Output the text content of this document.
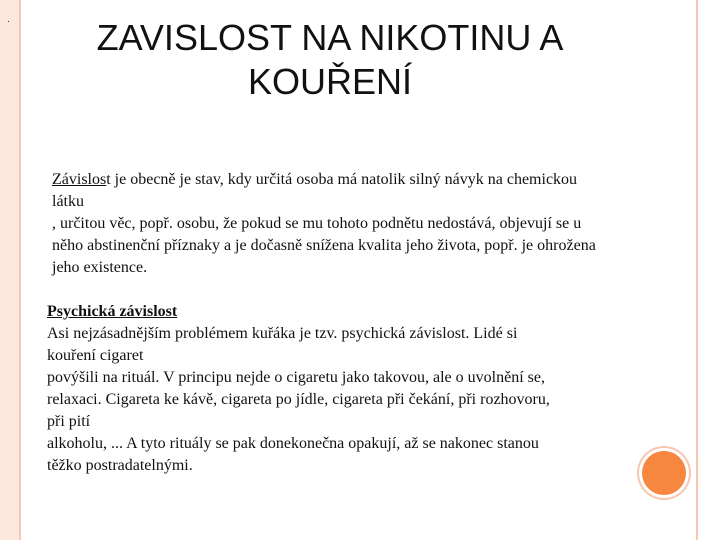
.	ZAVISLOST NA NIKOTINU A
KOUŘENÍ

Závislost je obecně je stav, kdy určitá osoba má natolik silný návyk na chemickou
látku
, určitou věc, popř. osobu, že pokud se mu tohoto podnětu nedostává, objevují se u
něho abstinenční příznaky a je dočasně snížena kvalita jeho života, popř. je ohrožena
jeho existence.

Psychická závislost
Asi nejzásadnějším problémem kuřáka je tzv. psychická závislost. Lidé si
kouření cigaret
povýšili na rituál. V principu nejde o cigaretu jako takovou, ale o uvolnění se,
relaxaci. Cigareta ke kávě, cigareta po jídle, cigareta při čekání, při rozhovoru,
při pití
alkoholu, ... A tyto rituály se pak donekonečna opakují, až se nakonec stanou
těžko postradatelnými.
